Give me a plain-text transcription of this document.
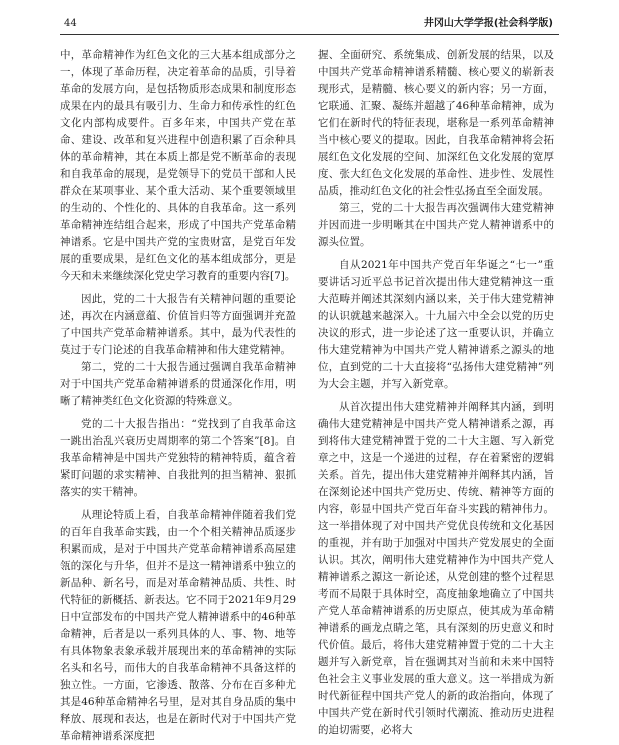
44	井冈山大学学报(社会科学版)

中，革命精神作为红色文化的三大基本组成部分之一，体现了革命历程，决定着革命的品质，引导着革命的发展方向，是包括物质形态成果和制度形态成果在内的最具有吸引力、生命力和传承性的红色文化内部构成要件。百多年来，中国共产党在革命、建设、改革和复兴进程中创造积累了百余种具体的革命精神，其在本质上都是党不断革命的表现和自我革命的展现，是党领导下的党员干部和人民群众在某项事业、某个重大活动、某个重要领域里的生动的、个性化的、具体的自我革命。这一系列革命精神连结组合起来，形成了中国共产党革命精神谱系。它是中国共产党的宝贵财富，是党百年发展的重要成果，是红色文化的基本组成部分，更是今天和未来继续深化党史学习教育的重要内容[7]。

因此，党的二十大报告有关精神问题的重要论述，再次在内涵意蕴、价值旨归等方面强调并充盈了中国共产党革命精神谱系。其中，最为代表性的莫过于专门论述的自我革命精神和伟大建党精神。

第二，党的二十大报告通过强调自我革命精神对于中国共产党革命精神谱系的贯通深化作用，明晰了精神类红色文化资源的特殊意义。

党的二十大报告指出：“党找到了自我革命这一跳出治乱兴衰历史周期率的第二个答案”[8]。自我革命精神是中国共产党独特的精神特质，蕴含着紧盯问题的求实精神、自我批判的担当精神、狠抓落实的实干精神。

从理论特质上看，自我革命精神伴随着我们党的百年自我革命实践，由一个个相关精神品质逐步积累而成，是对于中国共产党革命精神谱系高屋建瓴的深化与升华，但并不是这一精神谱系中独立的新品种、新名号，而是对革命精神品质、共性、时代特征的新概括、新表达。它不同于2021年9月29日中宣部发布的中国共产党人精神谱系中的46种革命精神，后者是以一系列具体的人、事、物、地等有具体物象表象承载并展现出来的革命精神的实际名头和名号，而伟大的自我革命精神不具备这样的独立性。一方面，它渗透、散落、分布在百多种尤其是46种革命精神名号里，是对其自身品质的集中释放、展现和表达，也是在新时代对于中国共产党革命精神谱系深度把

握、全面研究、系统集成、创新发展的结果，以及中国共产党革命精神谱系精髓、核心要义的崭新表现形式，是精髓、核心要义的新内容；另一方面，它联通、汇聚、凝练并超越了46种革命精神，成为它们在新时代的特征表现，堪称是一系列革命精神当中核心要义的提取。因此，自我革命精神将会拓展红色文化发展的空间、加深红色文化发展的宽厚度、张大红色文化发展的革命性、进步性、发展性品质，推动红色文化的社会性弘扬直至全面发展。

第三，党的二十大报告再次强调伟大建党精神并因而进一步明晰其在中国共产党人精神谱系中的源头位置。

自从2021年中国共产党百年华诞之“七一”重要讲话习近平总书记首次提出伟大建党精神这一重大范畴并阐述其深刻内涵以来，关于伟大建党精神的认识就越来越深入。十九届六中全会以党的历史决议的形式，进一步论述了这一重要认识，并确立伟大建党精神为中国共产党人精神谱系之源头的地位，直到党的二十大直接将“弘扬伟大建党精神”列为大会主题，并写入新党章。

从首次提出伟大建党精神并阐释其内涵，到明确伟大建党精神是中国共产党人精神谱系之源，再到将伟大建党精神置于党的二十大主题、写入新党章之中，这是一个递进的过程，存在着紧密的逻辑关系。首先，提出伟大建党精神并阐释其内涵，旨在深刻论述中国共产党历史、传统、精神等方面的内容，彰显中国共产党百年奋斗实践的精神伟力。这一举措体现了对中国共产党优良传统和文化基因的重视，并有助于加强对中国共产党发展史的全面认识。其次，阐明伟大建党精神作为中国共产党人精神谱系之源这一新论述，从党创建的整个过程思考而不局限于具体时空，高度抽象地确立了中国共产党人革命精神谱系的历史原点，使其成为革命精神谱系的画龙点睛之笔，具有深刻的历史意义和时代价值。最后，将伟大建党精神置于党的二十大主题并写入新党章，旨在强调其对当前和未来中国特色社会主义事业发展的重大意义。这一举措成为新时代新征程中国共产党人的新的政治指向，体现了中国共产党在新时代引领时代潮流、推动历史进程的迫切需要，必将大
